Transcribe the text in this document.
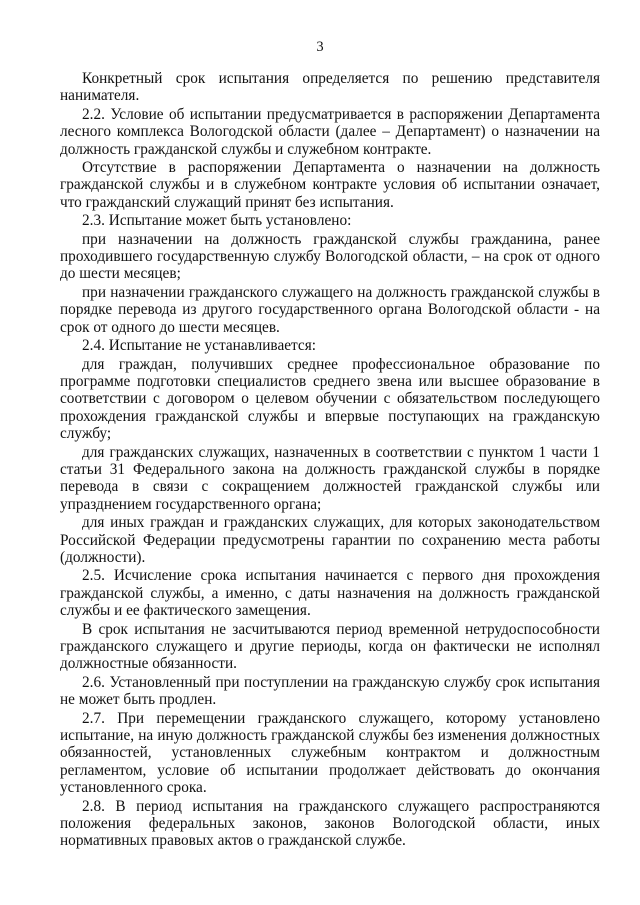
3

Конкретный срок испытания определяется по решению представителя нанимателя.

2.2. Условие об испытании предусматривается в распоряжении Департамента лесного комплекса Вологодской области (далее – Департамент) о назначении на должность гражданской службы и служебном контракте.

Отсутствие в распоряжении Департамента о назначении на должность гражданской службы и в служебном контракте условия об испытании означает, что гражданский служащий принят без испытания.

2.3. Испытание может быть установлено:

при назначении на должность гражданской службы гражданина, ранее проходившего государственную службу Вологодской области, – на срок от одного до шести месяцев;

при назначении гражданского служащего на должность гражданской службы в порядке перевода из другого государственного органа Вологодской области - на срок от одного до шести месяцев.

2.4. Испытание не устанавливается:

для граждан, получивших среднее профессиональное образование по программе подготовки специалистов среднего звена или высшее образование в соответствии с договором о целевом обучении с обязательством последующего прохождения гражданской службы и впервые поступающих на гражданскую службу;

для гражданских служащих, назначенных в соответствии с пунктом 1 части 1 статьи 31 Федерального закона на должность гражданской службы в порядке перевода в связи с сокращением должностей гражданской службы или упразднением государственного органа;

для иных граждан и гражданских служащих, для которых законодательством Российской Федерации предусмотрены гарантии по сохранению места работы (должности).

2.5. Исчисление срока испытания начинается с первого дня прохождения гражданской службы, а именно, с даты назначения на должность гражданской службы и ее фактического замещения.

В срок испытания не засчитываются период временной нетрудоспособности гражданского служащего и другие периоды, когда он фактически не исполнял должностные обязанности.

2.6. Установленный при поступлении на гражданскую службу срок испытания не может быть продлен.

2.7. При перемещении гражданского служащего, которому установлено испытание, на иную должность гражданской службы без изменения должностных обязанностей, установленных служебным контрактом и должностным регламентом, условие об испытании продолжает действовать до окончания установленного срока.

2.8. В период испытания на гражданского служащего распространяются положения федеральных законов, законов Вологодской области, иных нормативных правовых актов о гражданской службе.
